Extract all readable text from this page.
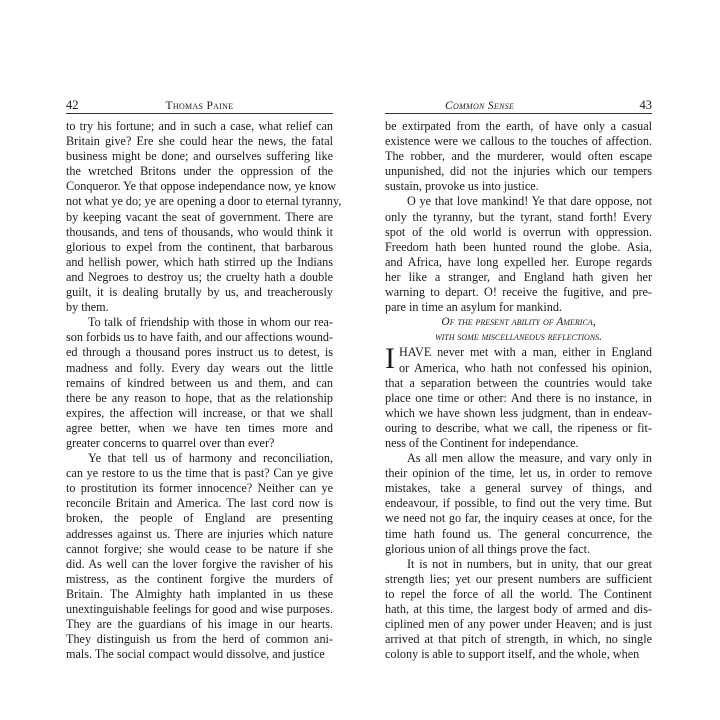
42	Thomas Paine
to try his fortune; and in such a case, what relief can
Britain give? Ere she could hear the news, the fatal
business might be done; and ourselves suffering like
the wretched Britons under the oppression of the
Conqueror. Ye that oppose independance now, ye know
not what ye do; ye are opening a door to eternal tyranny,
by keeping vacant the seat of government. There are
thousands, and tens of thousands, who would think it
glorious to expel from the continent, that barbarous
and hellish power, which hath stirred up the Indians
and Negroes to destroy us; the cruelty hath a double
guilt, it is dealing brutally by us, and treacherously
by them.
To talk of friendship with those in whom our rea-
son forbids us to have faith, and our affections wound-
ed through a thousand pores instruct us to detest, is
madness and folly. Every day wears out the little
remains of kindred between us and them, and can
there be any reason to hope, that as the relationship
expires, the affection will increase, or that we shall
agree better, when we have ten times more and
greater concerns to quarrel over than ever?
Ye that tell us of harmony and reconciliation,
can ye restore to us the time that is past? Can ye give
to prostitution its former innocence? Neither can ye
reconcile Britain and America. The last cord now is
broken, the people of England are presenting
addresses against us. There are injuries which nature
cannot forgive; she would cease to be nature if she
did. As well can the lover forgive the ravisher of his
mistress, as the continent forgive the murders of
Britain. The Almighty hath implanted in us these
unextinguishable feelings for good and wise purposes.
They are the guardians of his image in our hearts.
They distinguish us from the herd of common ani-
mals. The social compact would dissolve, and justice
Common Sense	43
be extirpated from the earth, of have only a casual
existence were we callous to the touches of affection.
The robber, and the murderer, would often escape
unpunished, did not the injuries which our tempers
sustain, provoke us into justice.
O ye that love mankind! Ye that dare oppose, not
only the tyranny, but the tyrant, stand forth! Every
spot of the old world is overrun with oppression.
Freedom hath been hunted round the globe. Asia,
and Africa, have long expelled her. Europe regards
her like a stranger, and England hath given her
warning to depart. O! receive the fugitive, and pre-
pare in time an asylum for mankind.
Of the present ability of America,
with some miscellaneous reflections.
I HAVE never met with a man, either in England
or America, who hath not confessed his opinion,
that a separation between the countries would take
place one time or other: And there is no instance, in
which we have shown less judgment, than in endeav-
ouring to describe, what we call, the ripeness or fit-
ness of the Continent for independance.
As all men allow the measure, and vary only in
their opinion of the time, let us, in order to remove
mistakes, take a general survey of things, and
endeavour, if possible, to find out the very time. But
we need not go far, the inquiry ceases at once, for the
time hath found us. The general concurrence, the
glorious union of all things prove the fact.
It is not in numbers, but in unity, that our great
strength lies; yet our present numbers are sufficient
to repel the force of all the world. The Continent
hath, at this time, the largest body of armed and dis-
ciplined men of any power under Heaven; and is just
arrived at that pitch of strength, in which, no single
colony is able to support itself, and the whole, when
